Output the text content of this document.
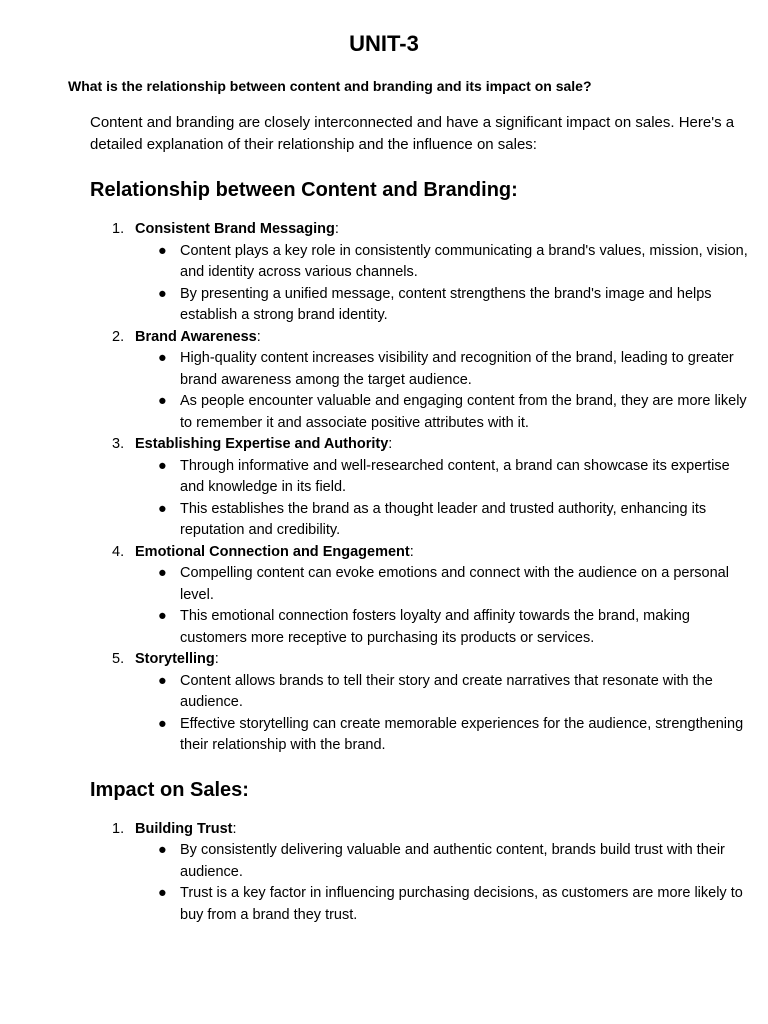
UNIT-3
What is the relationship between content and branding and its impact on sale?

Content and branding are closely interconnected and have a significant impact on sales. Here's a detailed explanation of their relationship and the influence on sales:

Relationship between Content and Branding:
1. Consistent Brand Messaging:
● Content plays a key role in consistently communicating a brand's values, mission, vision, and identity across various channels.
● By presenting a unified message, content strengthens the brand's image and helps establish a strong brand identity.
2. Brand Awareness:
● High-quality content increases visibility and recognition of the brand, leading to greater brand awareness among the target audience.
● As people encounter valuable and engaging content from the brand, they are more likely to remember it and associate positive attributes with it.
3. Establishing Expertise and Authority:
● Through informative and well-researched content, a brand can showcase its expertise and knowledge in its field.
● This establishes the brand as a thought leader and trusted authority, enhancing its reputation and credibility.
4. Emotional Connection and Engagement:
● Compelling content can evoke emotions and connect with the audience on a personal level.
● This emotional connection fosters loyalty and affinity towards the brand, making customers more receptive to purchasing its products or services.
5. Storytelling:
● Content allows brands to tell their story and create narratives that resonate with the audience.
● Effective storytelling can create memorable experiences for the audience, strengthening their relationship with the brand.
Impact on Sales:
1. Building Trust:
● By consistently delivering valuable and authentic content, brands build trust with their audience.
● Trust is a key factor in influencing purchasing decisions, as customers are more likely to buy from a brand they trust.
